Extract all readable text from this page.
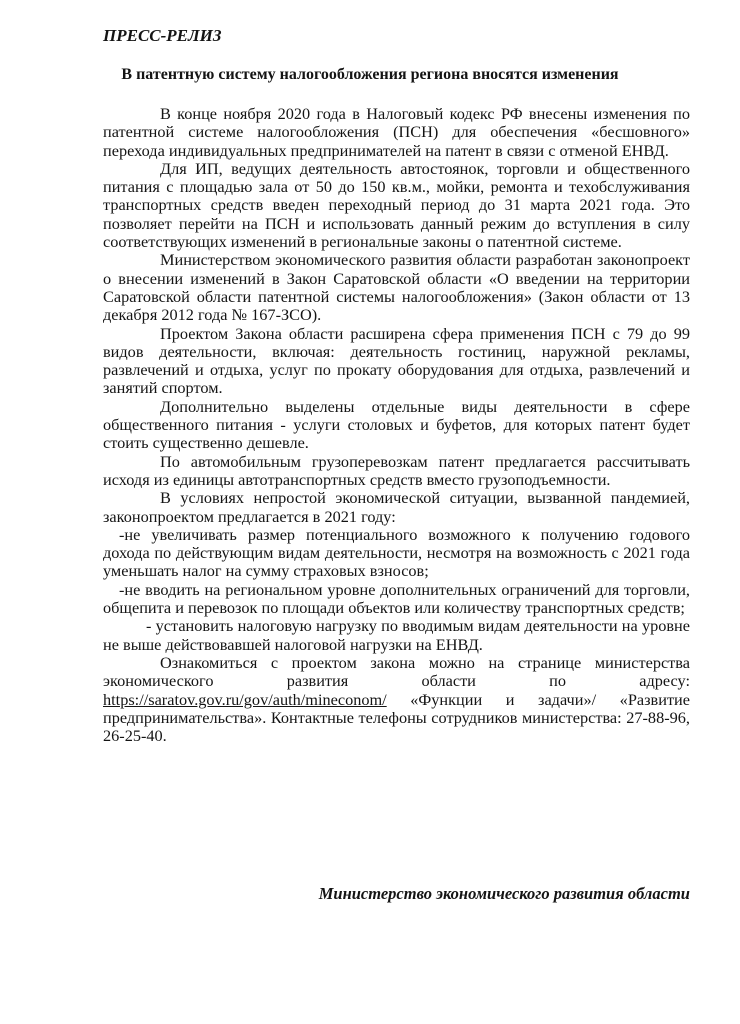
ПРЕСС-РЕЛИЗ

В патентную систему налогообложения региона вносятся изменения

В конце ноября 2020 года в Налоговый кодекс РФ внесены изменения по патентной системе налогообложения (ПСН) для обеспечения «бесшовного» перехода индивидуальных предпринимателей на патент в связи с отменой ЕНВД.

Для ИП, ведущих деятельность автостоянок, торговли и общественного питания с площадью зала от 50 до 150 кв.м., мойки, ремонта и техобслуживания транспортных средств введен переходный период до 31 марта 2021 года. Это позволяет перейти на ПСН и использовать данный режим до вступления в силу соответствующих изменений в региональные законы о патентной системе.

Министерством экономического развития области разработан законопроект о внесении изменений в Закон Саратовской области «О введении на территории Саратовской области патентной системы налогообложения» (Закон области от 13 декабря 2012 года № 167-ЗСО).

Проектом Закона области расширена сфера применения ПСН с 79 до 99 видов деятельности, включая: деятельность гостиниц, наружной рекламы, развлечений и отдыха, услуг по прокату оборудования для отдыха, развлечений и занятий спортом.

Дополнительно выделены отдельные виды деятельности в сфере общественного питания - услуги столовых и буфетов, для которых патент будет стоить существенно дешевле.

По автомобильным грузоперевозкам патент предлагается рассчитывать исходя из единицы автотранспортных средств вместо грузоподъемности.

В условиях непростой экономической ситуации, вызванной пандемией, законопроектом предлагается в 2021 году:

-не увеличивать размер потенциального возможного к получению годового дохода по действующим видам деятельности, несмотря на возможность с 2021 года уменьшать налог на сумму страховых взносов;

-не вводить на региональном уровне дополнительных ограничений для торговли, общепита и перевозок по площади объектов или количеству транспортных средств;

- установить налоговую нагрузку по вводимым видам деятельности на уровне не выше действовавшей налоговой нагрузки на ЕНВД.

Ознакомиться с проектом закона можно на странице министерства экономического развития области по адресу: https://saratov.gov.ru/gov/auth/mineconom/ «Функции и задачи»/ «Развитие предпринимательства». Контактные телефоны сотрудников министерства: 27-88-96, 26-25-40.

Министерство экономического развития области
